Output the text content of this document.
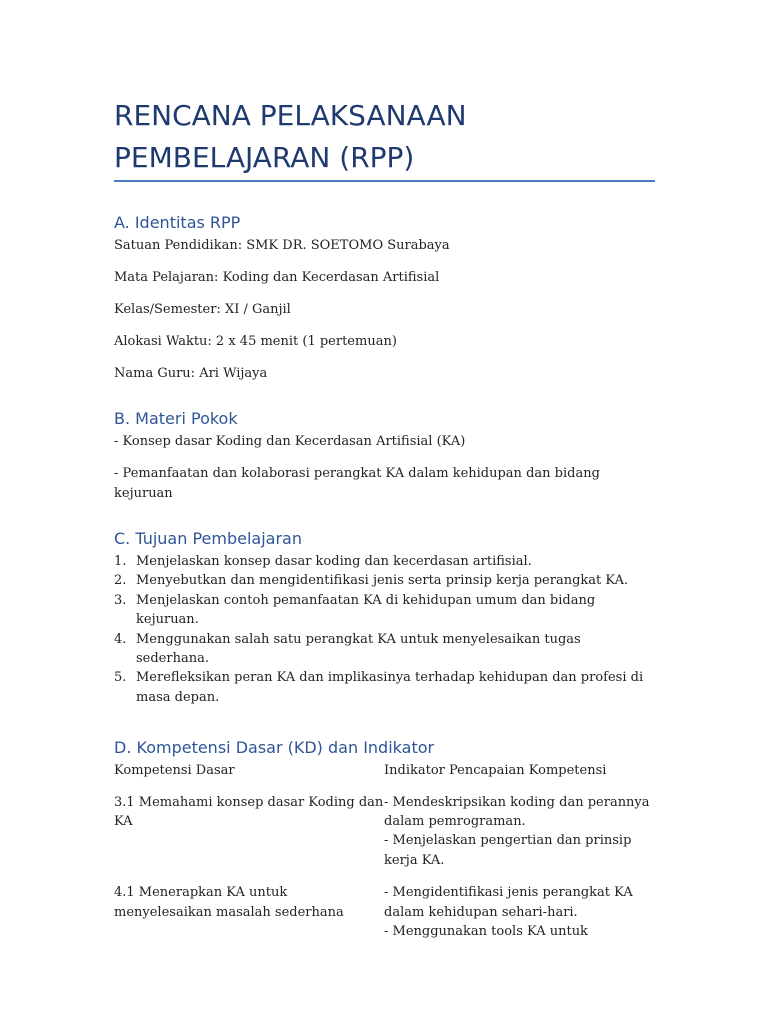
RENCANA PELAKSANAAN
PEMBELAJARAN (RPP)
A. Identitas RPP

Satuan Pendidikan: SMK DR. SOETOMO Surabaya

Mata Pelajaran: Koding dan Kecerdasan Artifisial

Kelas/Semester: XI / Ganjil

Alokasi Waktu: 2 x 45 menit (1 pertemuan)

Nama Guru: Ari Wijaya

B. Materi Pokok

- Konsep dasar Koding dan Kecerdasan Artifisial (KA)

- Pemanfaatan dan kolaborasi perangkat KA dalam kehidupan dan bidang kejuruan

C. Tujuan Pembelajaran
1. Menjelaskan konsep dasar koding dan kecerdasan artifisial.
2. Menyebutkan dan mengidentifikasi jenis serta prinsip kerja perangkat KA.
3. Menjelaskan contoh pemanfaatan KA di kehidupan umum dan bidang kejuruan.
4. Menggunakan salah satu perangkat KA untuk menyelesaikan tugas sederhana.
5. Merefleksikan peran KA dan implikasinya terhadap kehidupan dan profesi di masa depan.
D. Kompetensi Dasar (KD) dan Indikator
Kompetensi Dasar	Indikator Pencapaian Kompetensi
3.1 Memahami konsep dasar Koding dan KA	- Mendeskripsikan koding dan perannya dalam pemrograman.
- Menjelaskan pengertian dan prinsip kerja KA.

4.1 Menerapkan KA untuk menyelesaikan masalah sederhana	- Mengidentifikasi jenis perangkat KA dalam kehidupan sehari-hari.
- Menggunakan tools KA untuk
